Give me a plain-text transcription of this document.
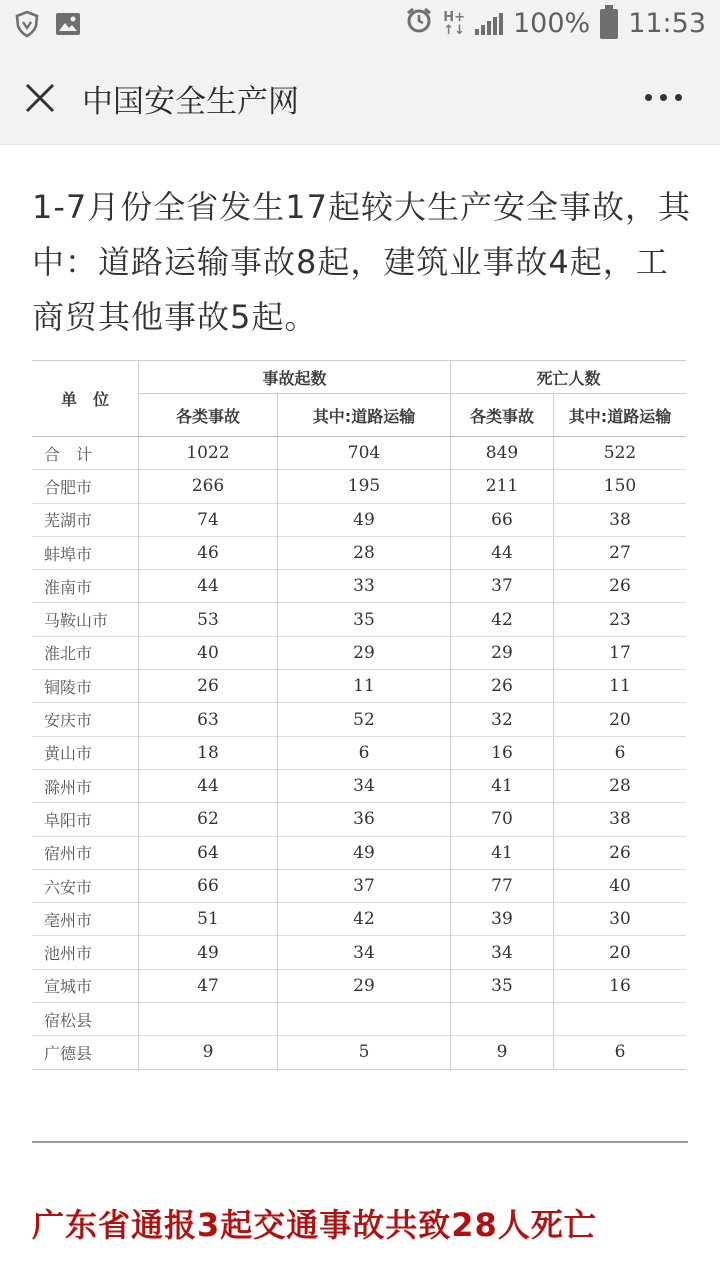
H+
↑↓ 100% 11:53
中国安全生产网
1-7月份全省发生17起较大生产安全事故，其中：道路运输事故8起，建筑业事故4起，工商贸其他事故5起。
单　位	事故起数		死亡人数	
	各类事故	其中:道路运输	各类事故	其中:道路运输
合　计	1022	704	849	522
合肥市	266	195	211	150
芜湖市	74	49	66	38
蚌埠市	46	28	44	27
淮南市	44	33	37	26
马鞍山市	53	35	42	23
淮北市	40	29	29	17
铜陵市	26	11	26	11
安庆市	63	52	32	20
黄山市	18	6	16	6
滁州市	44	34	41	28
阜阳市	62	36	70	38
宿州市	64	49	41	26
六安市	66	37	77	40
亳州市	51	42	39	30
池州市	49	34	34	20
宣城市	47	29	35	16
宿松县				
广德县	9	5	9	6
广东省通报3起交通事故共致28人死亡
